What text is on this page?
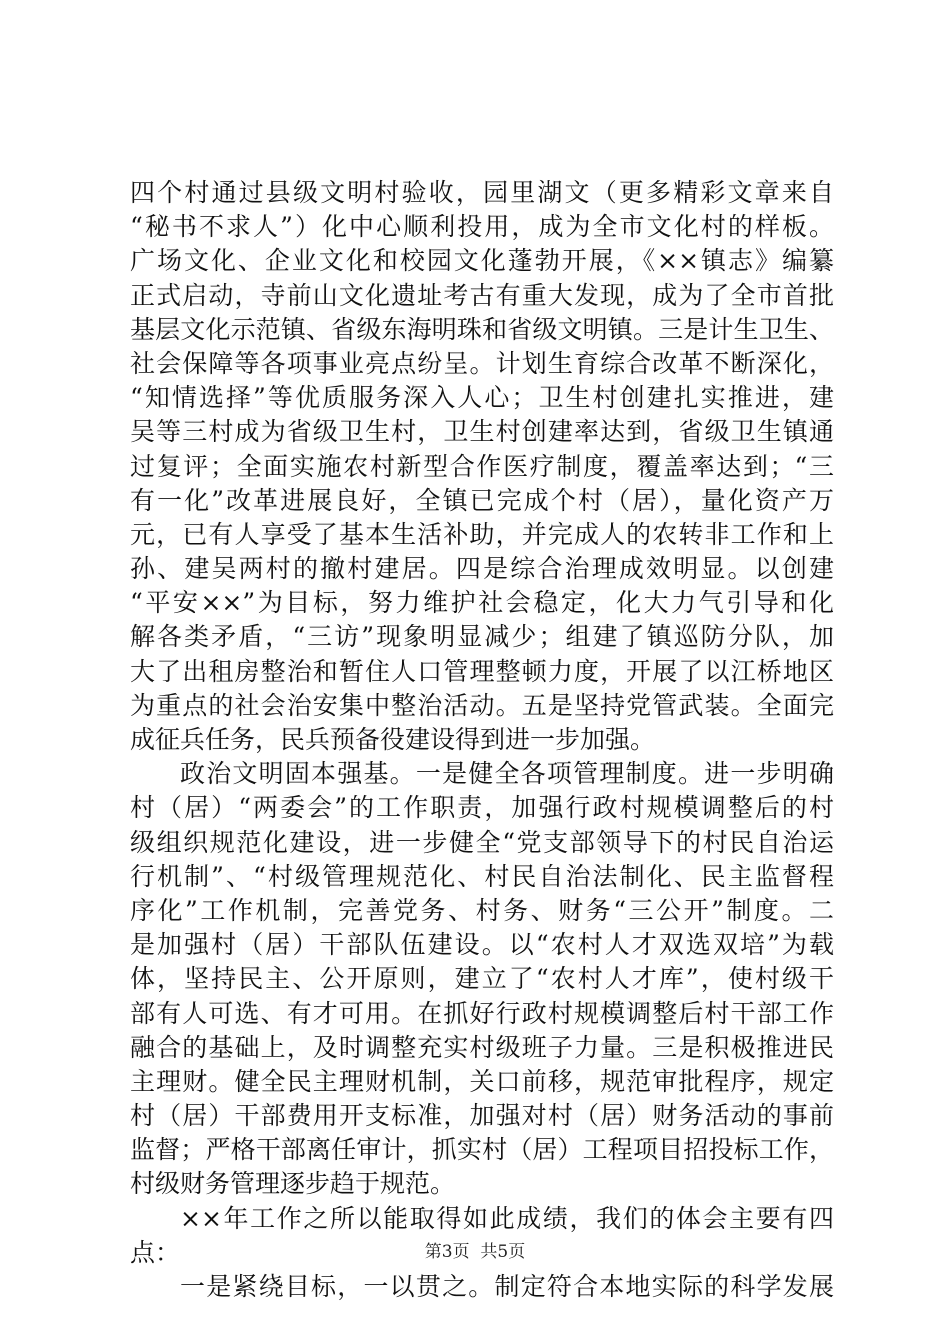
四个村通过县级文明村验收，园里湖文（更多精彩文章来自
“秘书不求人”）化中心顺利投用，成为全市文化村的样板。
广场文化、企业文化和校园文化蓬勃开展，《××镇志》编纂
正式启动，寺前山文化遗址考古有重大发现，成为了全市首批
基层文化示范镇、省级东海明珠和省级文明镇。三是计生卫生、
社会保障等各项事业亮点纷呈。计划生育综合改革不断深化，
“知情选择”等优质服务深入人心；卫生村创建扎实推进，建
吴等三村成为省级卫生村，卫生村创建率达到，省级卫生镇通
过复评；全面实施农村新型合作医疗制度，覆盖率达到；“三
有一化”改革进展良好，全镇已完成个村（居），量化资产万
元，已有人享受了基本生活补助，并完成人的农转非工作和上
孙、建吴两村的撤村建居。四是综合治理成效明显。以创建
“平安××”为目标，努力维护社会稳定，化大力气引导和化
解各类矛盾，“三访”现象明显减少；组建了镇巡防分队，加
大了出租房整治和暂住人口管理整顿力度，开展了以江桥地区
为重点的社会治安集中整治活动。五是坚持党管武装。全面完
成征兵任务，民兵预备役建设得到进一步加强。
政治文明固本强基。一是健全各项管理制度。进一步明确
村（居）“两委会”的工作职责，加强行政村规模调整后的村
级组织规范化建设，进一步健全“党支部领导下的村民自治运
行机制”、“村级管理规范化、村民自治法制化、民主监督程
序化”工作机制，完善党务、村务、财务“三公开”制度。二
是加强村（居）干部队伍建设。以“农村人才双选双培”为载
体，坚持民主、公开原则，建立了“农村人才库”，使村级干
部有人可选、有才可用。在抓好行政村规模调整后村干部工作
融合的基础上，及时调整充实村级班子力量。三是积极推进民
主理财。健全民主理财机制，关口前移，规范审批程序，规定
村（居）干部费用开支标准，加强对村（居）财务活动的事前
监督；严格干部离任审计，抓实村（居）工程项目招投标工作，
村级财务管理逐步趋于规范。
××年工作之所以能取得如此成绩，我们的体会主要有四
点：
一是紧绕目标，一以贯之。制定符合本地实际的科学发展
第3页  共5页
